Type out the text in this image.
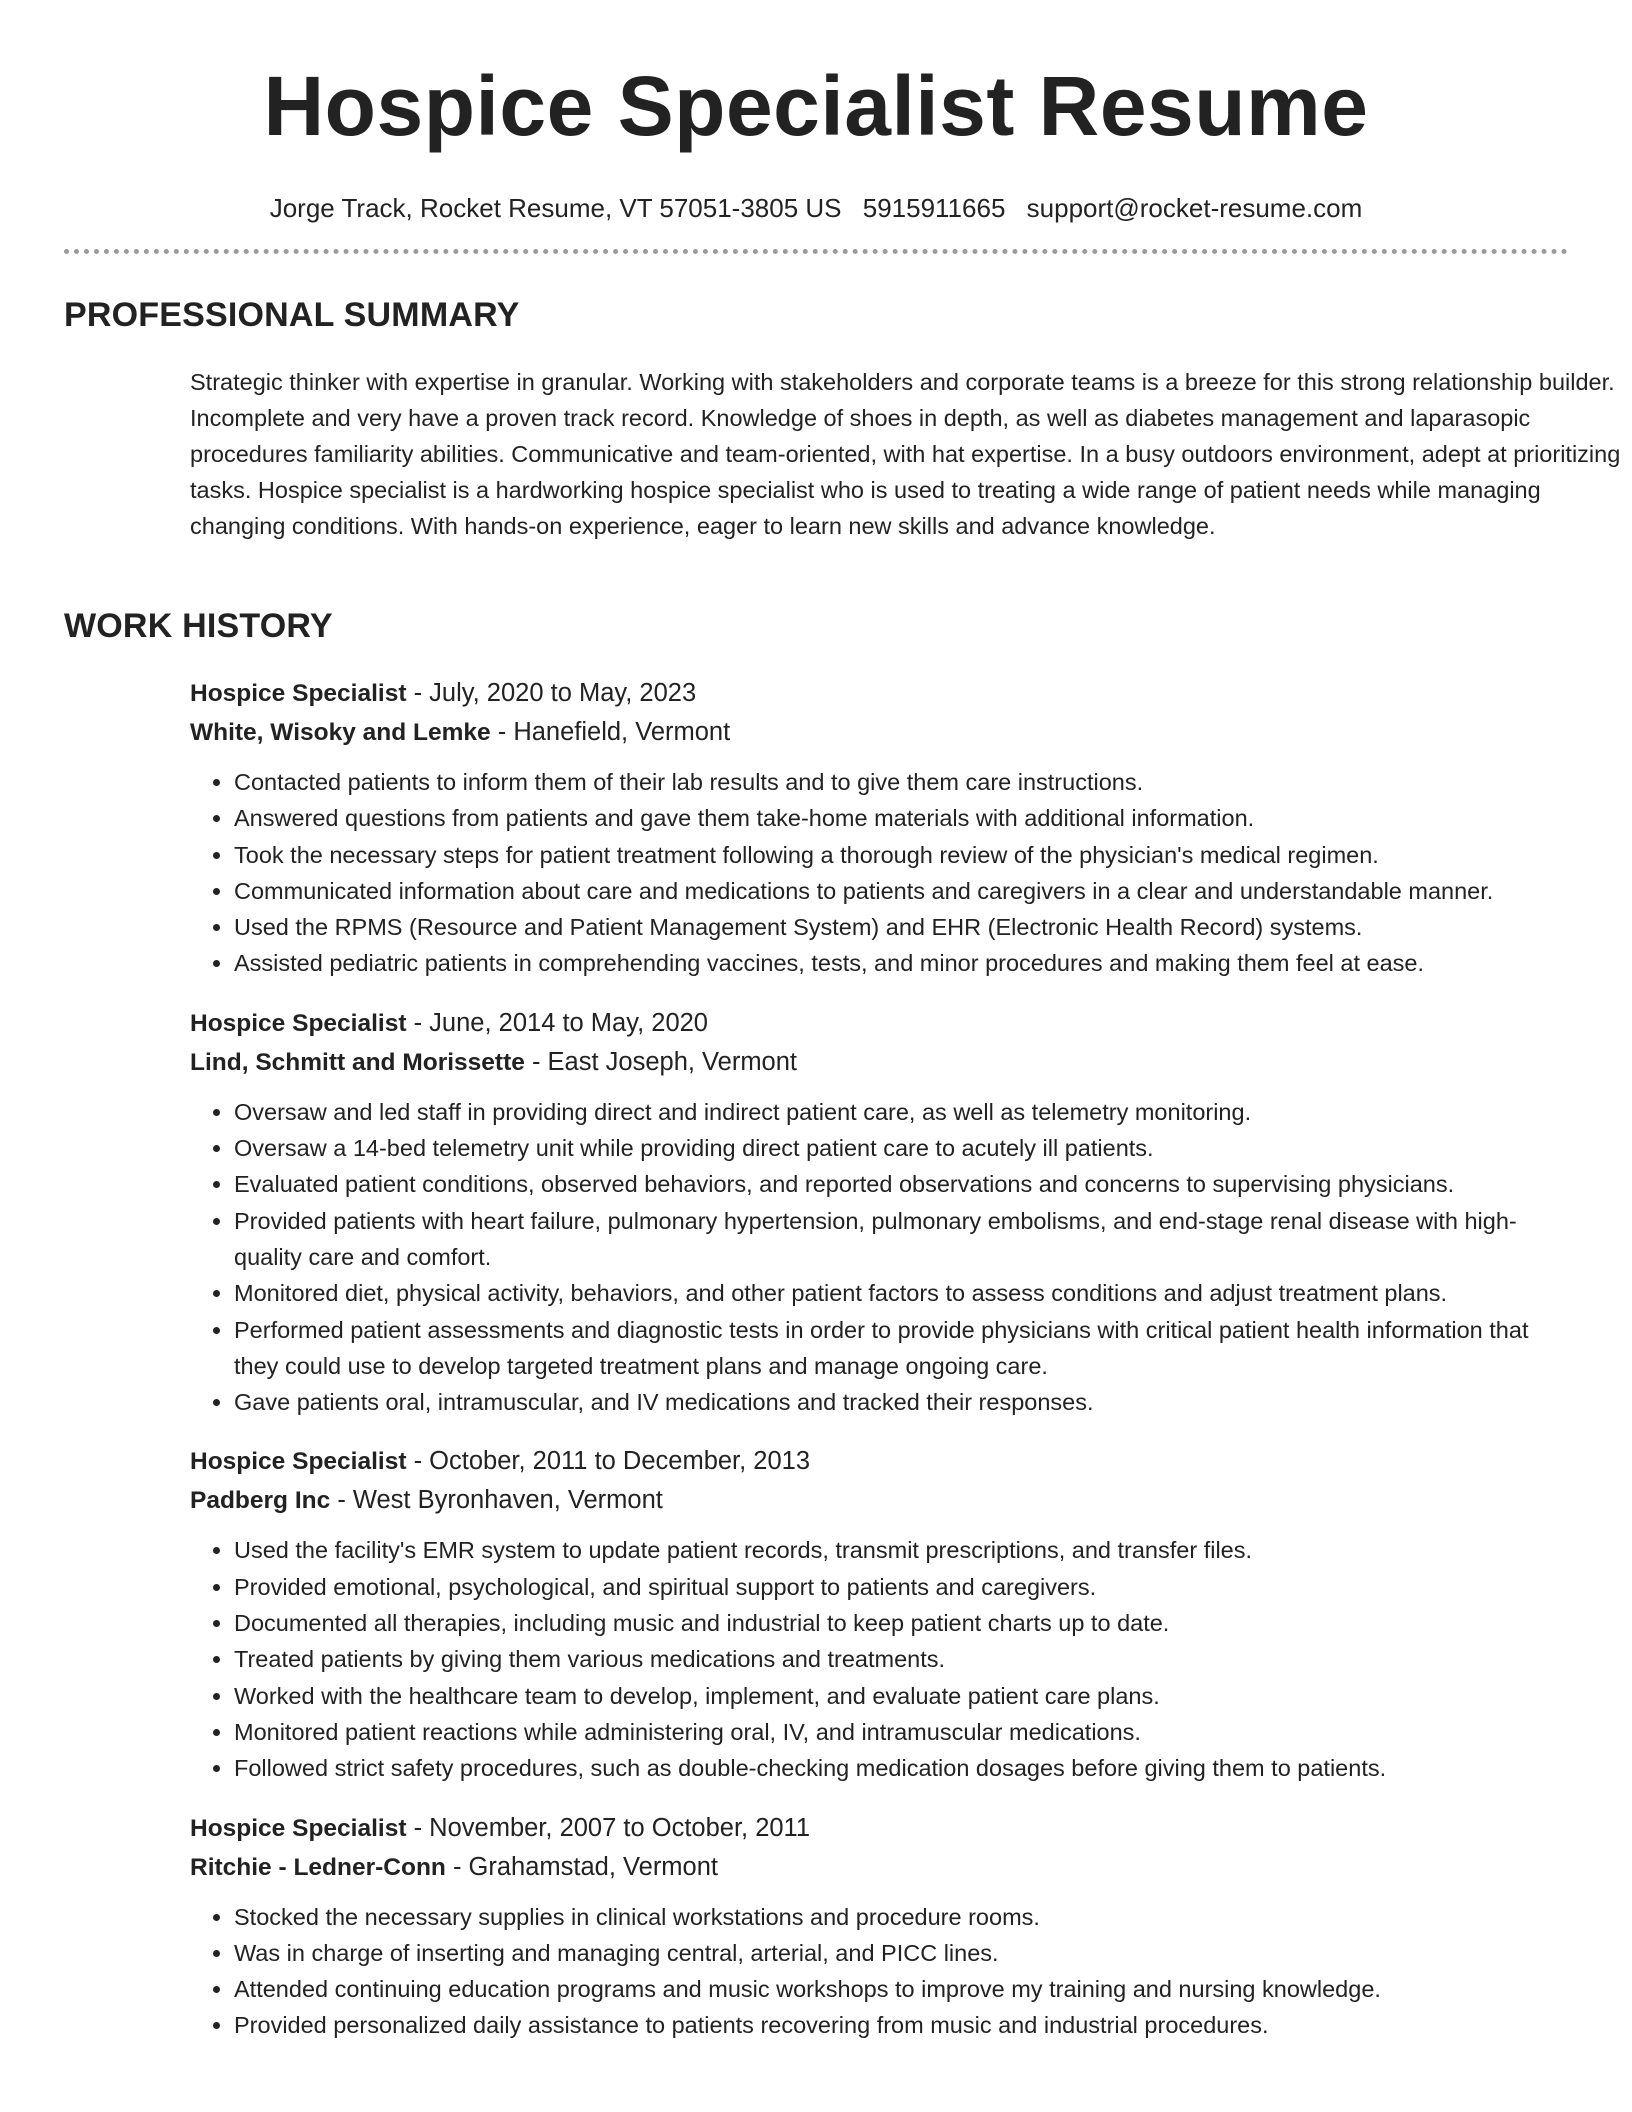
Hospice Specialist Resume
Jorge Track, Rocket Resume, VT 57051-3805 US 5915911665 support@rocket-resume.com
PROFESSIONAL SUMMARY

Strategic thinker with expertise in granular. Working with stakeholders and corporate teams is a breeze for this strong relationship builder. Incomplete and very have a proven track record. Knowledge of shoes in depth, as well as diabetes management and laparasopic procedures familiarity abilities. Communicative and team-oriented, with hat expertise. In a busy outdoors environment, adept at prioritizing tasks. Hospice specialist is a hardworking hospice specialist who is used to treating a wide range of patient needs while managing changing conditions. With hands-on experience, eager to learn new skills and advance knowledge.

WORK HISTORY
Hospice Specialist - July, 2020 to May, 2023
White, Wisoky and Lemke - Hanefield, Vermont
• Contacted patients to inform them of their lab results and to give them care instructions.
• Answered questions from patients and gave them take-home materials with additional information.
• Took the necessary steps for patient treatment following a thorough review of the physician's medical regimen.
• Communicated information about care and medications to patients and caregivers in a clear and understandable manner.
• Used the RPMS (Resource and Patient Management System) and EHR (Electronic Health Record) systems.
• Assisted pediatric patients in comprehending vaccines, tests, and minor procedures and making them feel at ease.
Hospice Specialist - June, 2014 to May, 2020
Lind, Schmitt and Morissette - East Joseph, Vermont
• Oversaw and led staff in providing direct and indirect patient care, as well as telemetry monitoring.
• Oversaw a 14-bed telemetry unit while providing direct patient care to acutely ill patients.
• Evaluated patient conditions, observed behaviors, and reported observations and concerns to supervising physicians.
• Provided patients with heart failure, pulmonary hypertension, pulmonary embolisms, and end-stage renal disease with high-quality care and comfort.
• Monitored diet, physical activity, behaviors, and other patient factors to assess conditions and adjust treatment plans.
• Performed patient assessments and diagnostic tests in order to provide physicians with critical patient health information that they could use to develop targeted treatment plans and manage ongoing care.
• Gave patients oral, intramuscular, and IV medications and tracked their responses.
Hospice Specialist - October, 2011 to December, 2013
Padberg Inc - West Byronhaven, Vermont
• Used the facility's EMR system to update patient records, transmit prescriptions, and transfer files.
• Provided emotional, psychological, and spiritual support to patients and caregivers.
• Documented all therapies, including music and industrial to keep patient charts up to date.
• Treated patients by giving them various medications and treatments.
• Worked with the healthcare team to develop, implement, and evaluate patient care plans.
• Monitored patient reactions while administering oral, IV, and intramuscular medications.
• Followed strict safety procedures, such as double-checking medication dosages before giving them to patients.
Hospice Specialist - November, 2007 to October, 2011
Ritchie - Ledner-Conn - Grahamstad, Vermont
• Stocked the necessary supplies in clinical workstations and procedure rooms.
• Was in charge of inserting and managing central, arterial, and PICC lines.
• Attended continuing education programs and music workshops to improve my training and nursing knowledge.
• Provided personalized daily assistance to patients recovering from music and industrial procedures.
